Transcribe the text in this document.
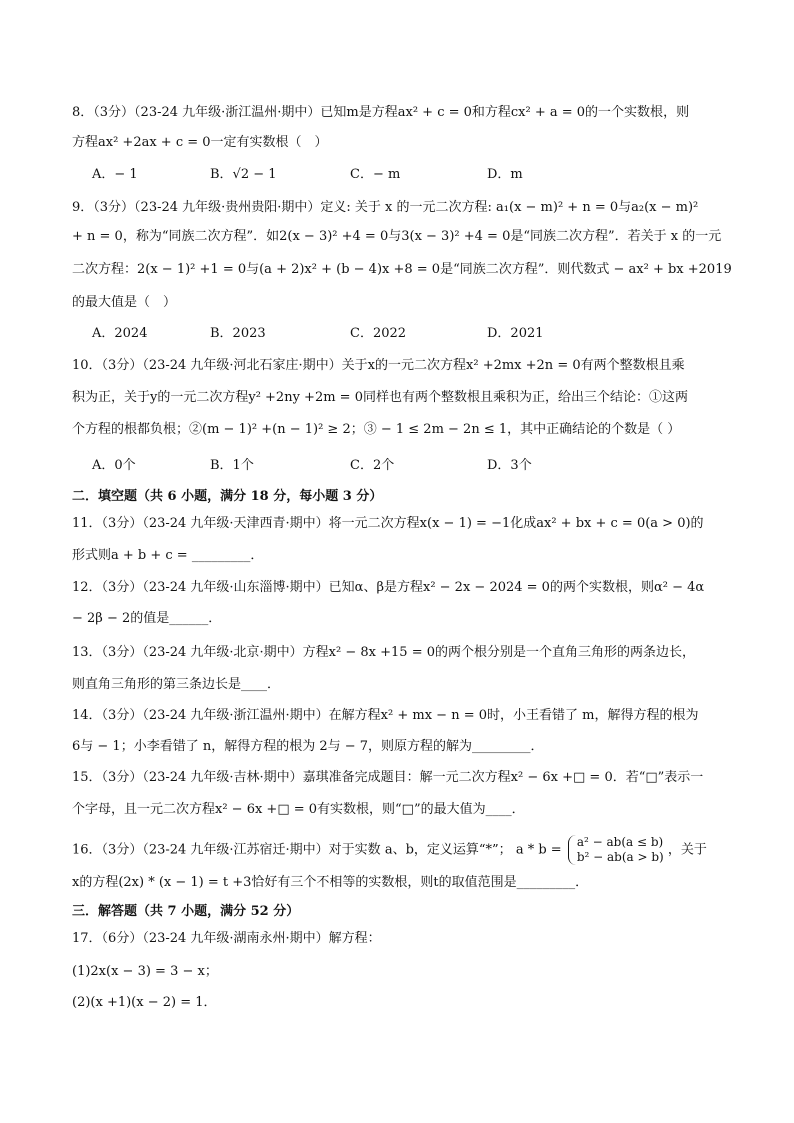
8．（3分）（23-24 九年级·浙江温州·期中）已知m是方程ax² + c = 0和方程cx² + a = 0的一个实数根，则
方程ax² +2ax + c = 0一定有实数根（　）
A．− 1	B．√2 − 1	C．− m	D．m
9．（3分）（23-24 九年级·贵州贵阳·期中）定义: 关于 x 的一元二次方程: a₁(x − m)² + n = 0与a₂(x − m)²
+ n = 0，称为“同族二次方程”．如2(x − 3)² +4 = 0与3(x − 3)² +4 = 0是“同族二次方程”．若关于 x 的一元
二次方程：2(x − 1)² +1 = 0与(a + 2)x² + (b − 4)x +8 = 0是“同族二次方程”．则代数式 − ax² + bx +2019
的最大值是（　）
A．2024	B．2023	C．2022	D．2021
10．（3分）（23-24 九年级·河北石家庄·期中）关于x的一元二次方程x² +2mx +2n = 0有两个整数根且乘
积为正，关于y的一元二次方程y² +2ny +2m = 0同样也有两个整数根且乘积为正，给出三个结论：①这两
个方程的根都负根；②(m − 1)² +(n − 1)² ≥ 2；③ − 1 ≤ 2m − 2n ≤ 1，其中正确结论的个数是（ ）
A．0个	B．1个	C．2个	D．3个
二．填空题（共 6 小题，满分 18 分，每小题 3 分）
11．（3分）（23-24 九年级·天津西青·期中）将一元二次方程x(x − 1) = −1化成ax² + bx + c = 0(a > 0)的
形式则a + b + c = _________．
12．（3分）（23-24 九年级·山东淄博·期中）已知α、β是方程x² − 2x − 2024 = 0的两个实数根，则α² − 4α
− 2β − 2的值是______．
13．（3分）（23-24 九年级·北京·期中）方程x² − 8x +15 = 0的两个根分别是一个直角三角形的两条边长，
则直角三角形的第三条边长是____．
14．（3分）（23-24 九年级·浙江温州·期中）在解方程x² + mx − n = 0时，小王看错了 m，解得方程的根为
6与 − 1；小李看错了 n，解得方程的根为 2与 − 7，则原方程的解为_________．
15．（3分）（23-24 九年级·吉林·期中）嘉琪准备完成题目：解一元二次方程x² − 6x +□ = 0．若“□”表示一
个字母，且一元二次方程x² − 6x +□ = 0有实数根，则“□”的最大值为____．
16．（3分）（23-24 九年级·江苏宿迁·期中）对于实数 a、b，定义运算“*”； a * b =
a² − ab(a ≤ b)
b² − ab(a > b) ，关于
x的方程(2x) * (x − 1) = t +3恰好有三个不相等的实数根，则t的取值范围是_________．
三．解答题（共 7 小题，满分 52 分）
17．（6分）（23-24 九年级·湖南永州·期中）解方程：
(1)2x(x − 3) = 3 − x；
(2)(x +1)(x − 2) = 1．
